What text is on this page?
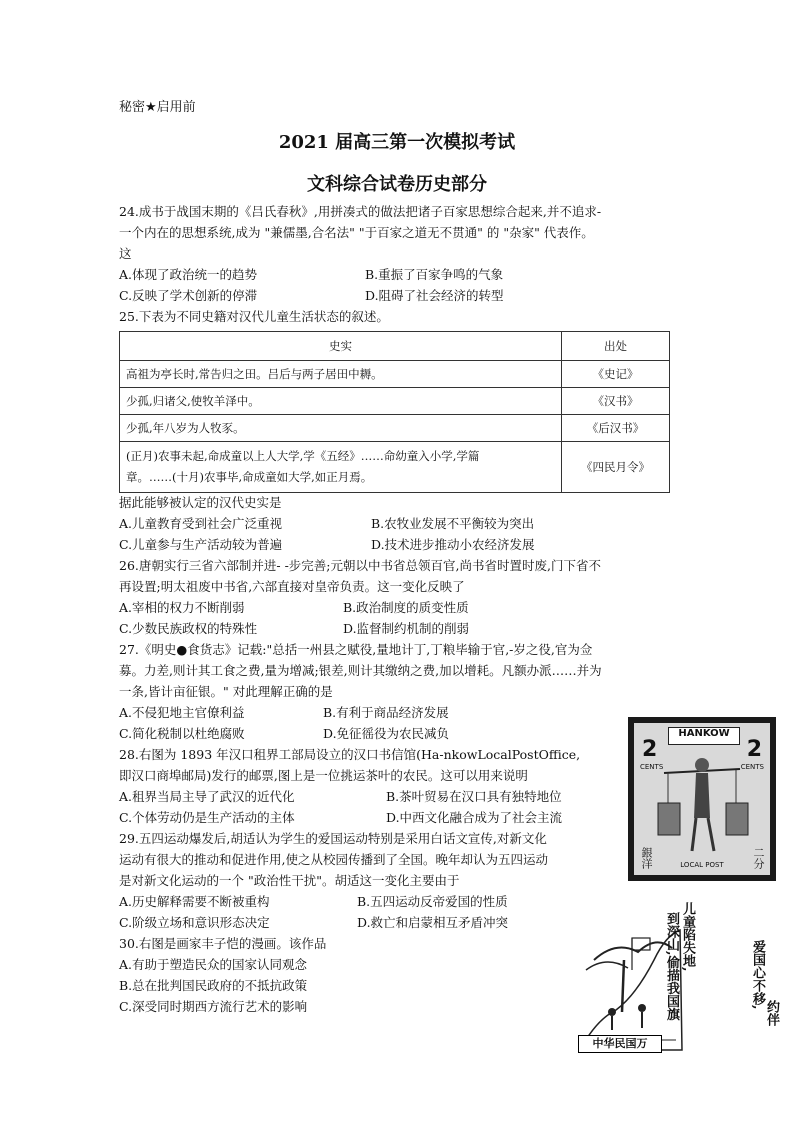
秘密★启用前
2021 届高三第一次模拟考试
文科综合试卷历史部分
24.成书于战国末期的《吕氏春秋》,用拼凑式的做法把诸子百家思想综合起来,并不追求-
一个内在的思想系统,成为 "兼儒墨,合名法" "于百家之道无不贯通" 的 "杂家" 代表作。
这
A.体现了政治统一的趋势	B.重振了百家争鸣的气象
C.反映了学术创新的停滞	D.阻碍了社会经济的转型
25.下表为不同史籍对汉代儿童生活状态的叙述。
史实	出处
高祖为亭长时,常告归之田。吕后与两子居田中耨。	《史记》
少孤,归诸父,使牧羊泽中。	《汉书》
少孤,年八岁为人牧豕。	《后汉书》

(正月)农事未起,命成童以上人大学,学《五经》……命幼童入小学,学篇
章。……(十月)农事毕,命成童如大学,如正月焉。	《四民月令》
据此能够被认定的汉代史实是
A.儿童教育受到社会广泛重视	B.农牧业发展不平衡较为突出
C.儿童参与生产活动较为普遍	D.技术进步推动小农经济发展
26.唐朝实行三省六部制并进- -步完善;元朝以中书省总领百官,尚书省时置时废,门下省不
再设置;明太祖废中书省,六部直接对皇帝负责。这一变化反映了
A.宰相的权力不断削弱	B.政治制度的质变性质
C.少数民族政权的特殊性	D.监督制约机制的削弱
27.《明史●食货志》记载:"总括一州县之赋役,量地计丁,丁粮毕输于官,-岁之役,官为佥
募。力差,则计其工食之费,量为增减;银差,则计其缴纳之费,加以增耗。凡额办派……并为
一条,皆计亩征银。" 对此理解正确的是
A.不侵犯地主官僚利益	B.有利于商品经济发展
C.简化税制以杜绝腐败	D.免征徭役为农民减负
28.右图为 1893 年汉口租界工部局设立的汉口书信馆(Ha-nkowLocalPostOffice,
即汉口商埠邮局)发行的邮票,图上是一位挑运茶叶的农民。这可以用来说明
A.租界当局主导了武汉的近代化	B.茶叶贸易在汉口具有独特地位
C.个体劳动仍是生产活动的主体	D.中西文化融合成为了社会主流
HANKOW
2	2
CENTS	CENTS
銀洋	二分
LOCAL POST
29.五四运动爆发后,胡适认为学生的爱国运动特别是采用白话文宣传,对新文化
运动有很大的推动和促进作用,使之从校园传播到了全国。晚年却认为五四运动
是对新文化运动的一个 "政治性干扰"。胡适这一变化主要由于
A.历史解释需要不断被重构	B.五四运动反帝爱国的性质
C.阶级立场和意识形态决定	D.救亡和启蒙相互矛盾冲突
30.右图是画家丰子恺的漫画。该作品
A.有助于塑造民众的国家认同观念
B.总在批判国民政府的不抵抗政策
C.深受同时期西方流行艺术的影响
儿童陷失地,
到深山,偷描我国旗	爱国心不移,
约伴
中华民国万
